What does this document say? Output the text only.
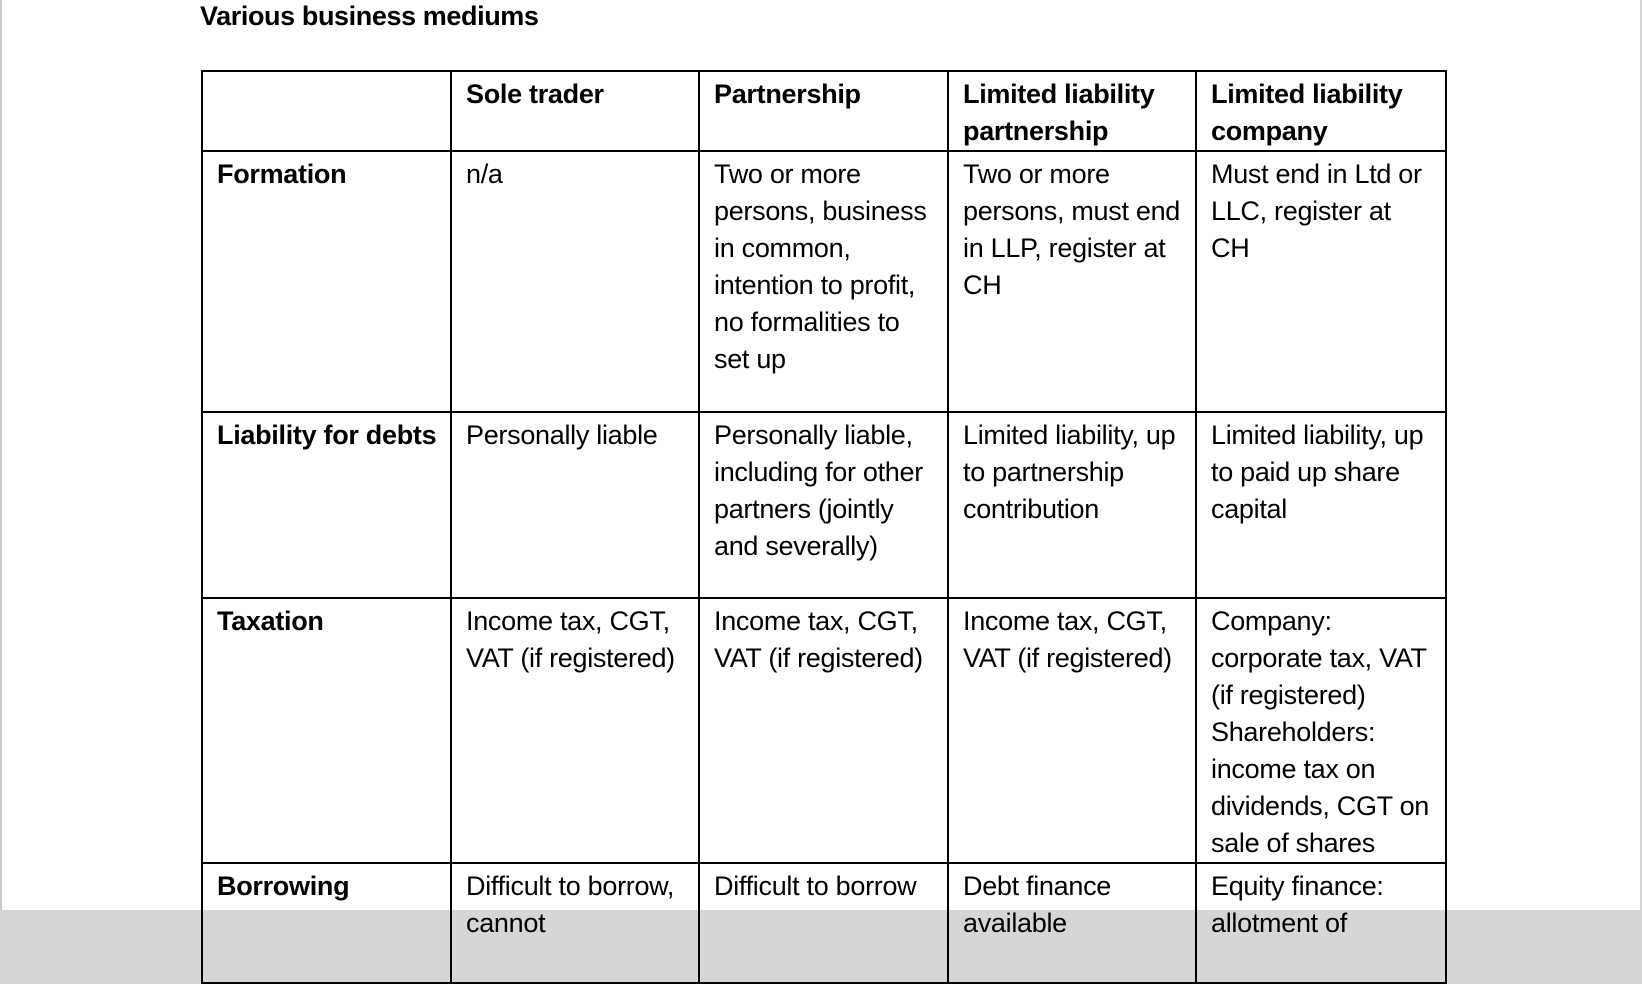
Various business mediums
	Sole trader	Partnership	Limited liability partnership	Limited liability company
Formation	n/a	Two or more persons, business in common, intention to profit, no formalities to set up	Two or more persons, must end in LLP, register at CH	Must end in Ltd or LLC, register at CH
Liability for debts	Personally liable	Personally liable, including for other partners (jointly and severally)	Limited liability, up to partnership contribution	Limited liability, up to paid up share capital
Taxation	Income tax, CGT, VAT (if registered)	Income tax, CGT, VAT (if registered)	Income tax, CGT, VAT (if registered)	Company: corporate tax, VAT (if registered) Shareholders: income tax on dividends, CGT on sale of shares
Borrowing	Difficult to borrow, cannot	Difficult to borrow	Debt finance available	Equity finance: allotment of
